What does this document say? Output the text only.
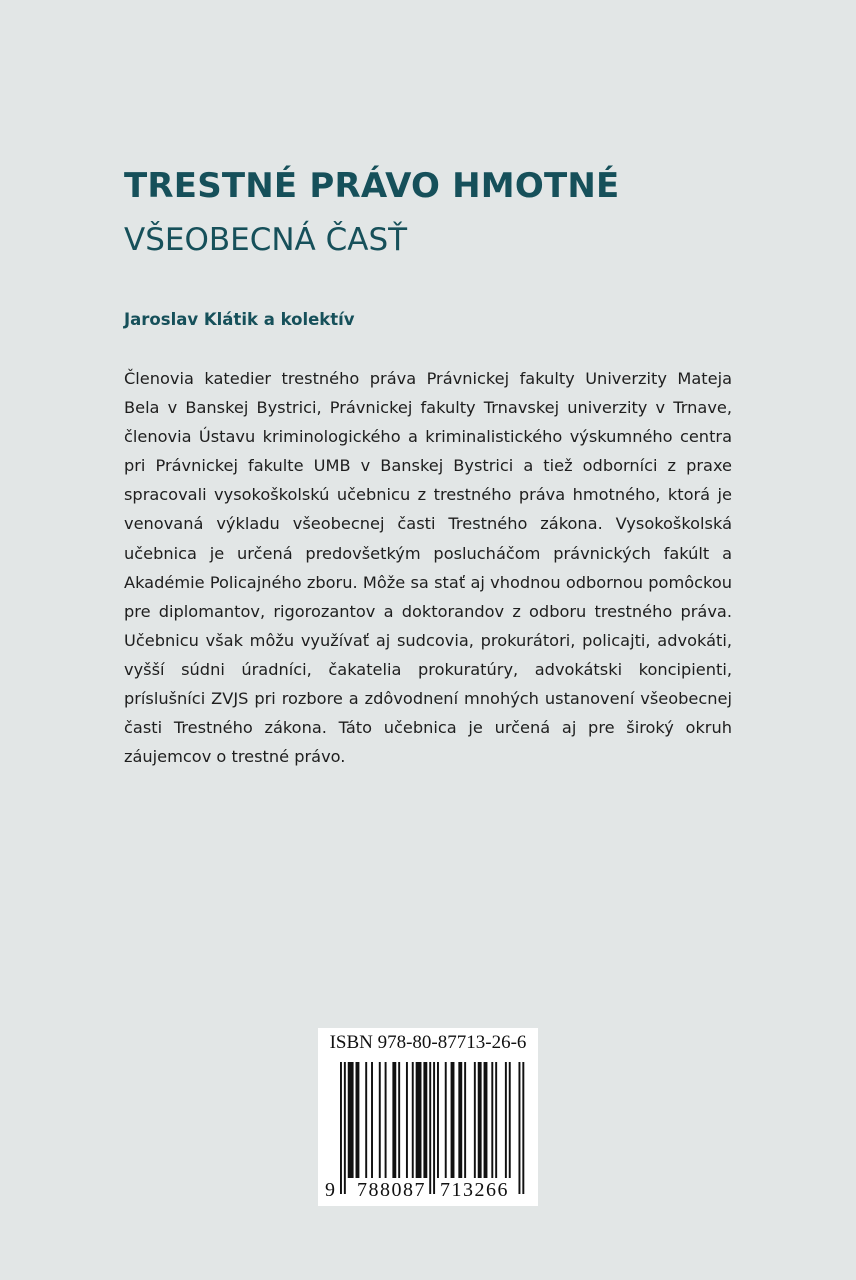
TRESTNÉ PRÁVO HMOTNÉ
VŠEOBECNÁ ČASŤ

Jaroslav Klátik a kolektív

Členovia katedier trestného práva Právnickej fakulty Univerzity Mateja Bela v Banskej Bystrici, Právnickej fakulty Trnavskej univerzity v Trnave, členovia Ústavu kriminologického a kriminalistického výskumného centra pri Právnickej fakulte UMB v Banskej Bystrici a tiež odborníci z praxe spracovali vysokoškolskú učebnicu z trestného práva hmotného, ktorá je venovaná výkladu všeobecnej časti Trestného zákona. Vysokoškolská učebnica je určená predovšetkým poslucháčom právnických fakúlt a Akadémie Policajného zboru. Môže sa stať aj vhodnou odbornou pomôckou pre diplomantov, rigorozantov a doktorandov z odboru trestného práva. Učebnicu však môžu využívať aj sudcovia, prokurátori, policajti, advokáti, vyšší súdni úradníci, čakatelia prokuratúry, advokátski koncipienti, príslušníci ZVJS pri rozbore a zdôvodnení mnohých ustanovení všeobecnej časti Trestného zákona. Táto učebnica je určená aj pre široký okruh záujemcov o trestné právo.

ISBN 978-80-87713-26-6
9 788087 713266
